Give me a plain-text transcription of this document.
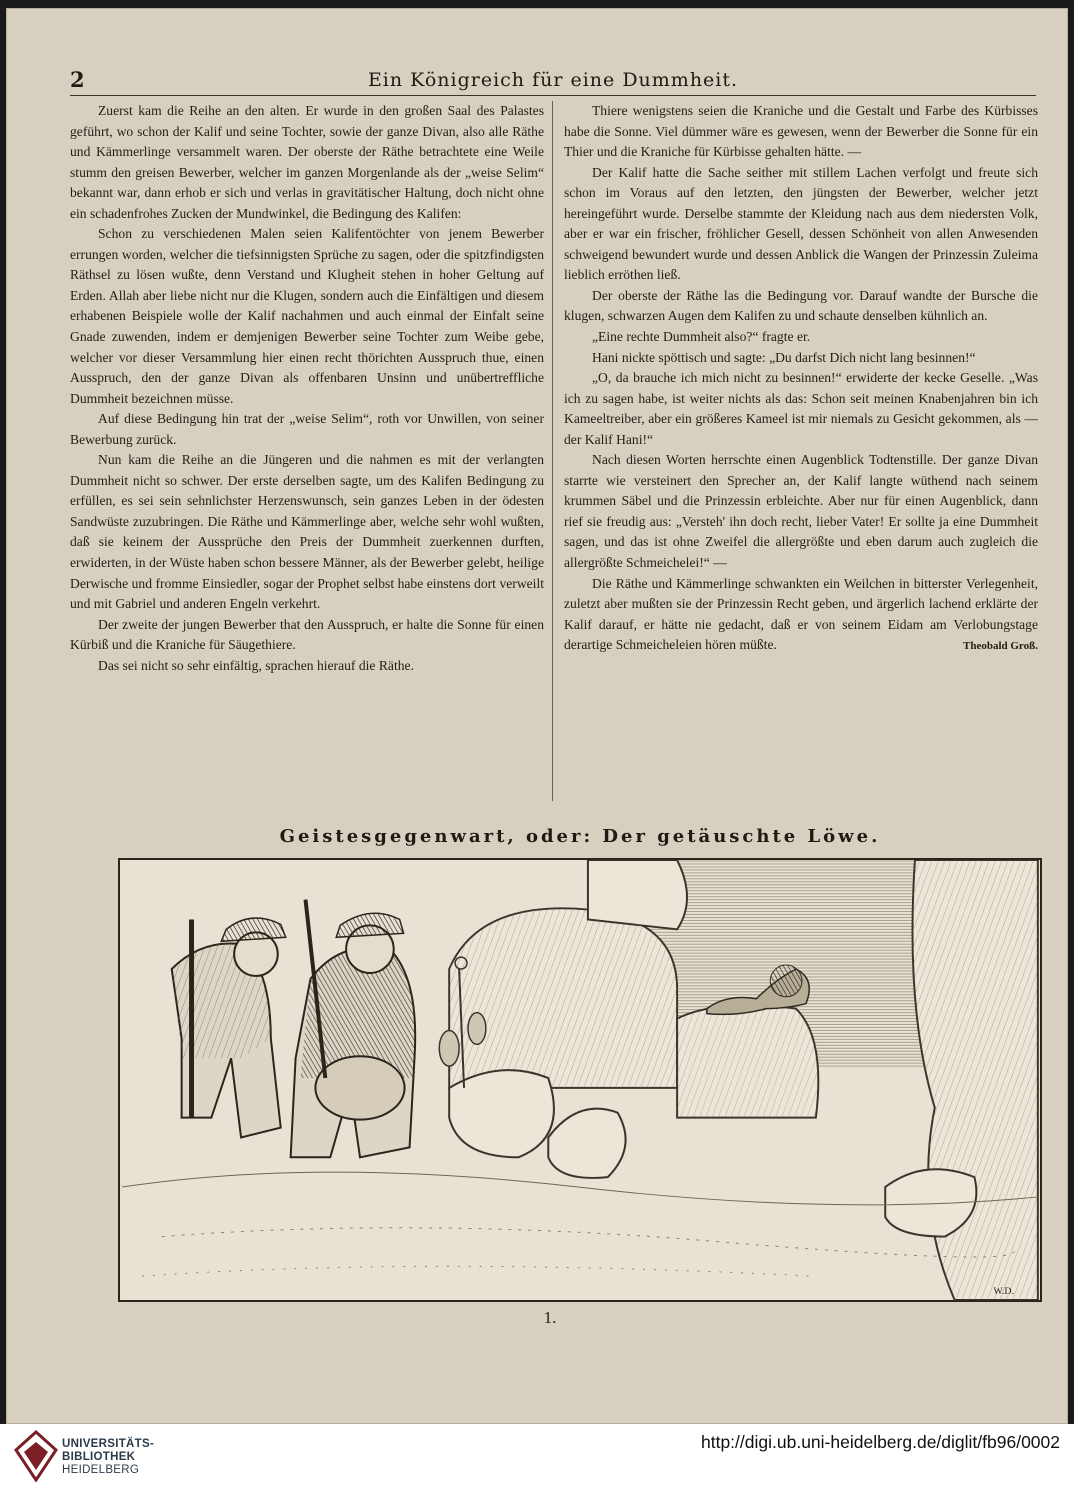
2	Ein Königreich für eine Dummheit.

Zuerst kam die Reihe an den alten. Er wurde in den großen Saal des Palastes geführt, wo schon der Kalif und seine Tochter, sowie der ganze Divan, also alle Räthe und Kämmerlinge versammelt waren. Der oberste der Räthe betrachtete eine Weile stumm den greisen Bewerber, welcher im ganzen Morgenlande als der „weise Selim“ bekannt war, dann erhob er sich und verlas in gravitätischer Haltung, doch nicht ohne ein schadenfrohes Zucken der Mundwinkel, die Bedingung des Kalifen:

Schon zu verschiedenen Malen seien Kalifentöchter von jenem Bewerber errungen worden, welcher die tiefsinnigsten Sprüche zu sagen, oder die spitzfindigsten Räthsel zu lösen wußte, denn Verstand und Klugheit stehen in hoher Geltung auf Erden. Allah aber liebe nicht nur die Klugen, sondern auch die Einfältigen und diesem erhabenen Beispiele wolle der Kalif nachahmen und auch einmal der Einfalt seine Gnade zuwenden, indem er demjenigen Bewerber seine Tochter zum Weibe gebe, welcher vor dieser Versammlung hier einen recht thörichten Ausspruch thue, einen Ausspruch, den der ganze Divan als offenbaren Unsinn und unübertreffliche Dummheit bezeichnen müsse.

Auf diese Bedingung hin trat der „weise Selim“, roth vor Unwillen, von seiner Bewerbung zurück.

Nun kam die Reihe an die Jüngeren und die nahmen es mit der verlangten Dummheit nicht so schwer. Der erste derselben sagte, um des Kalifen Bedingung zu erfüllen, es sei sein sehnlichster Herzenswunsch, sein ganzes Leben in der ödesten Sandwüste zuzubringen. Die Räthe und Kämmerlinge aber, welche sehr wohl wußten, daß sie keinem der Aussprüche den Preis der Dummheit zuerkennen durften, erwiderten, in der Wüste haben schon bessere Männer, als der Bewerber gelebt, heilige Derwische und fromme Einsiedler, sogar der Prophet selbst habe einstens dort verweilt und mit Gabriel und anderen Engeln verkehrt.

Der zweite der jungen Bewerber that den Ausspruch, er halte die Sonne für einen Kürbiß und die Kraniche für Säugethiere.

Das sei nicht so sehr einfältig, sprachen hierauf die Räthe.

Thiere wenigstens seien die Kraniche und die Gestalt und Farbe des Kürbisses habe die Sonne. Viel dümmer wäre es gewesen, wenn der Bewerber die Sonne für ein Thier und die Kraniche für Kürbisse gehalten hätte. —

Der Kalif hatte die Sache seither mit stillem Lachen verfolgt und freute sich schon im Voraus auf den letzten, den jüngsten der Bewerber, welcher jetzt hereingeführt wurde. Derselbe stammte der Kleidung nach aus dem niedersten Volk, aber er war ein frischer, fröhlicher Gesell, dessen Schönheit von allen Anwesenden schweigend bewundert wurde und dessen Anblick die Wangen der Prinzessin Zuleima lieblich erröthen ließ.

Der oberste der Räthe las die Bedingung vor. Darauf wandte der Bursche die klugen, schwarzen Augen dem Kalifen zu und schaute denselben kühnlich an.

„Eine rechte Dummheit also?“ fragte er.

Hani nickte spöttisch und sagte: „Du darfst Dich nicht lang besinnen!“

„O, da brauche ich mich nicht zu besinnen!“ erwiderte der kecke Geselle. „Was ich zu sagen habe, ist weiter nichts als das: Schon seit meinen Knabenjahren bin ich Kameeltreiber, aber ein größeres Kameel ist mir niemals zu Gesicht gekommen, als — der Kalif Hani!“

Nach diesen Worten herrschte einen Augenblick Todtenstille. Der ganze Divan starrte wie versteinert den Sprecher an, der Kalif langte wüthend nach seinem krummen Säbel und die Prinzessin erbleichte. Aber nur für einen Augenblick, dann rief sie freudig aus: „Versteh' ihn doch recht, lieber Vater! Er sollte ja eine Dummheit sagen, und das ist ohne Zweifel die allergrößte und eben darum auch zugleich die allergrößte Schmeichelei!“ —

Die Räthe und Kämmerlinge schwankten ein Weilchen in bitterster Verlegenheit, zuletzt aber mußten sie der Prinzessin Recht geben, und ärgerlich lachend erklärte der Kalif darauf, er hätte nie gedacht, daß er von seinem Eidam am Verlobungstage derartige Schmeicheleien hören müßte.	Theobald Groß.
Geistesgegenwart, oder: Der getäuschte Löwe.
W.D.
1.
UNIVERSITÄTS-
BIBLIOTHEK
HEIDELBERG
http://digi.ub.uni-heidelberg.de/diglit/fb96/0002
